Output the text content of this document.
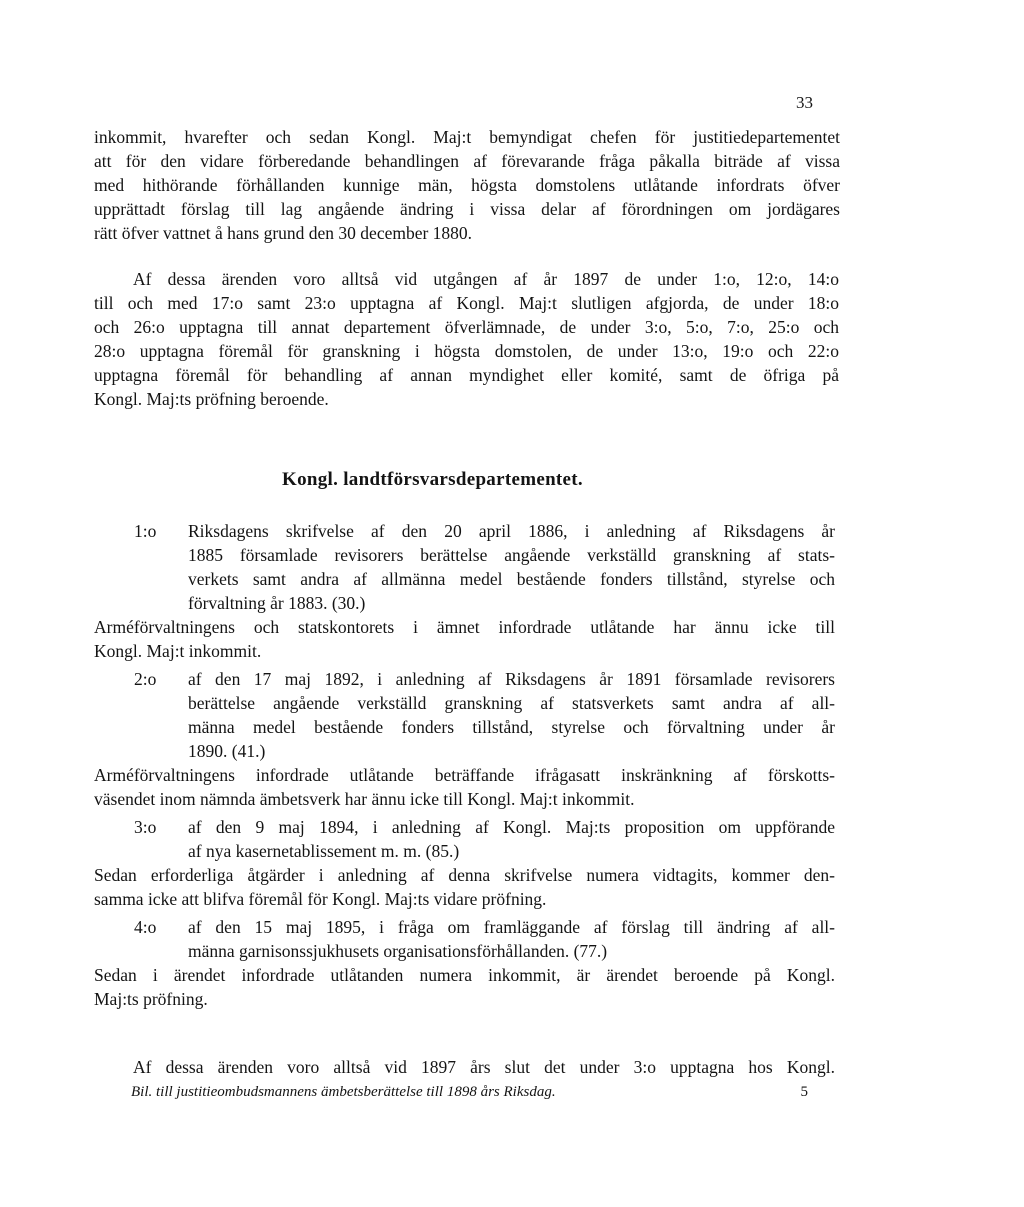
33
inkommit, hvarefter och sedan Kongl. Maj:t bemyndigat chefen för justitiedepartementet
att för den vidare förberedande behandlingen af förevarande fråga påkalla biträde af vissa
med hithörande förhållanden kunnige män, högsta domstolens utlåtande infordrats öfver
upprättadt förslag till lag angående ändring i vissa delar af förordningen om jordägares
rätt öfver vattnet å hans grund den 30 december 1880.
Af dessa ärenden voro alltså vid utgången af år 1897 de under 1:o, 12:o, 14:o
till och med 17:o samt 23:o upptagna af Kongl. Maj:t slutligen afgjorda, de under 18:o
och 26:o upptagna till annat departement öfverlämnade, de under 3:o, 5:o, 7:o, 25:o och
28:o upptagna föremål för granskning i högsta domstolen, de under 13:o, 19:o och 22:o
upptagna föremål för behandling af annan myndighet eller komité, samt de öfriga på
Kongl. Maj:ts pröfning beroende.
Kongl. landtförsvarsdepartementet.
1:o Riksdagens skrifvelse af den 20 april 1886, i anledning af Riksdagens år
1885 församlade revisorers berättelse angående verkställd granskning af stats-
verkets samt andra af allmänna medel bestående fonders tillstånd, styrelse och
förvaltning år 1883. (30.)
Arméförvaltningens och statskontorets i ämnet infordrade utlåtande har ännu icke till
Kongl. Maj:t inkommit.
2:o af den 17 maj 1892, i anledning af Riksdagens år 1891 församlade revisorers
berättelse angående verkställd granskning af statsverkets samt andra af all-
männa medel bestående fonders tillstånd, styrelse och förvaltning under år
1890. (41.)
Arméförvaltningens infordrade utlåtande beträffande ifrågasatt inskränkning af förskotts-
väsendet inom nämnda ämbetsverk har ännu icke till Kongl. Maj:t inkommit.
3:o af den 9 maj 1894, i anledning af Kongl. Maj:ts proposition om uppförande
af nya kasernetablissement m. m. (85.)
Sedan erforderliga åtgärder i anledning af denna skrifvelse numera vidtagits, kommer den-
samma icke att blifva föremål för Kongl. Maj:ts vidare pröfning.
4:o af den 15 maj 1895, i fråga om framläggande af förslag till ändring af all-
männa garnisonssjukhusets organisationsförhållanden. (77.)
Sedan i ärendet infordrade utlåtanden numera inkommit, är ärendet beroende på Kongl.
Maj:ts pröfning.
Af dessa ärenden voro alltså vid 1897 års slut det under 3:o upptagna hos Kongl.
Bil. till justitieombudsmannens ämbetsberättelse till 1898 års Riksdag.	5
